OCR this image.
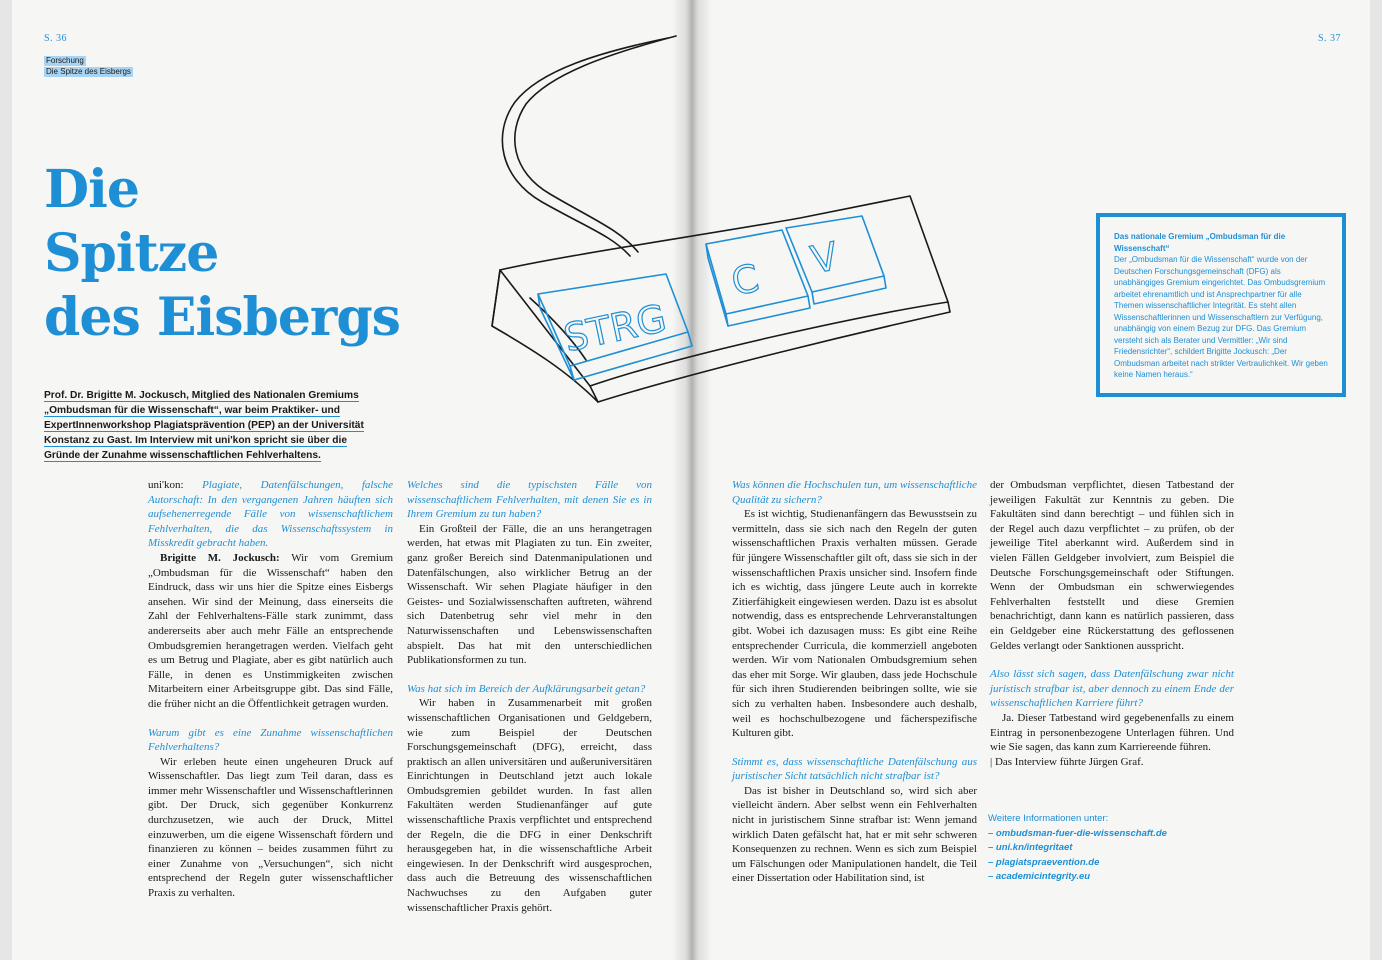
S. 36	S. 37
Forschung
Die Spitze des Eisbergs
Die
Spitze
des Eisbergs
Prof. Dr. Brigitte M. Jockusch, Mitglied des Nationalen Gremiums „Ombudsman für die Wissenschaft“, war beim Praktiker- und ExpertInnenworkshop Plagiatsprävention (PEP) an der Universität Konstanz zu Gast. Im Interview mit uni'kon spricht sie über die Gründe der Zunahme wissenschaftlichen Fehlverhaltens.
STRG
C V	Das nationale Gremium „Ombudsman für die Wissenschaft“
Der „Ombudsman für die Wissenschaft“ wurde von der Deutschen Forschungsgemeinschaft (DFG) als unabhängiges Gremium eingerichtet. Das Ombudsgremium arbeitet ehrenamtlich und ist Ansprechpartner für alle Themen wissenschaftlicher Integrität. Es steht allen Wissenschaftlerinnen und Wissenschaftlern zur Verfügung, unabhängig von einem Bezug zur DFG. Das Gremium versteht sich als Berater und Vermittler: „Wir sind Friedensrichter“, schildert Brigitte Jockusch: „Der Ombudsman arbeitet nach strikter Vertraulichkeit. Wir geben keine Namen heraus.“

uni'kon: Plagiate, Datenfälschungen, falsche Autorschaft: In den vergangenen Jahren häuften sich aufsehenerregende Fälle von wissenschaftlichem Fehlverhalten, die das Wissenschaftssystem in Misskredit gebracht haben.

Brigitte M. Jockusch: Wir vom Gremium „Ombudsman für die Wissenschaft“ haben den Eindruck, dass wir uns hier die Spitze eines Eisbergs ansehen. Wir sind der Meinung, dass einerseits die Zahl der Fehlverhaltens-Fälle stark zunimmt, dass andererseits aber auch mehr Fälle an entsprechende Ombudsgremien herangetragen werden. Vielfach geht es um Betrug und Plagiate, aber es gibt natürlich auch Fälle, in denen es Unstimmigkeiten zwischen Mitarbeitern einer Arbeitsgruppe gibt. Das sind Fälle, die früher nicht an die Öffentlichkeit getragen wurden.

Warum gibt es eine Zunahme wissenschaftlichen Fehlverhaltens?

Wir erleben heute einen ungeheuren Druck auf Wissenschaftler. Das liegt zum Teil daran, dass es immer mehr Wissenschaftler und Wissenschaftlerinnen gibt. Der Druck, sich gegenüber Konkurrenz durchzusetzen, wie auch der Druck, Mittel einzuwerben, um die eigene Wissenschaft fördern und finanzieren zu können – beides zusammen führt zu einer Zunahme von „Versuchungen“, sich nicht entsprechend der Regeln guter wissenschaftlicher Praxis zu verhalten.

Welches sind die typischsten Fälle von wissenschaftlichem Fehlverhalten, mit denen Sie es in Ihrem Gremium zu tun haben?

Ein Großteil der Fälle, die an uns herangetragen werden, hat etwas mit Plagiaten zu tun. Ein zweiter, ganz großer Bereich sind Datenmanipulationen und Datenfälschungen, also wirklicher Betrug an der Wissenschaft. Wir sehen Plagiate häufiger in den Geistes- und Sozialwissenschaften auftreten, während sich Datenbetrug sehr viel mehr in den Naturwissenschaften und Lebenswissenschaften abspielt. Das hat mit den unterschiedlichen Publikationsformen zu tun.

Was hat sich im Bereich der Aufklärungsarbeit getan?

Wir haben in Zusammenarbeit mit großen wissenschaftlichen Organisationen und Geldgebern, wie zum Beispiel der Deutschen Forschungsgemeinschaft (DFG), erreicht, dass praktisch an allen universitären und außeruniversitären Einrichtungen in Deutschland jetzt auch lokale Ombudsgremien gebildet wurden. In fast allen Fakultäten werden Studienanfänger auf gute wissenschaftliche Praxis verpflichtet und entsprechend der Regeln, die die DFG in einer Denkschrift herausgegeben hat, in die wissenschaftliche Arbeit eingewiesen. In der Denkschrift wird ausgesprochen, dass auch die Betreuung des wissenschaftlichen Nachwuchses zu den Aufgaben guter wissenschaftlicher Praxis gehört.

Was können die Hochschulen tun, um wissenschaftliche Qualität zu sichern?

Es ist wichtig, Studienanfängern das Bewusstsein zu vermitteln, dass sie sich nach den Regeln der guten wissenschaftlichen Praxis verhalten müssen. Gerade für jüngere Wissenschaftler gilt oft, dass sie sich in der wissenschaftlichen Praxis unsicher sind. Insofern finde ich es wichtig, dass jüngere Leute auch in korrekte Zitierfähigkeit eingewiesen werden. Dazu ist es absolut notwendig, dass es entsprechende Lehrveranstaltungen gibt. Wobei ich dazusagen muss: Es gibt eine Reihe entsprechender Curricula, die kommerziell angeboten werden. Wir vom Nationalen Ombudsgremium sehen das eher mit Sorge. Wir glauben, dass jede Hochschule für sich ihren Studierenden beibringen sollte, wie sie sich zu verhalten haben. Insbesondere auch deshalb, weil es hochschulbezogene und fächerspezifische Kulturen gibt.

Stimmt es, dass wissenschaftliche Datenfälschung aus juristischer Sicht tatsächlich nicht strafbar ist?

Das ist bisher in Deutschland so, wird sich aber vielleicht ändern. Aber selbst wenn ein Fehlverhalten nicht in juristischem Sinne strafbar ist: Wenn jemand wirklich Daten gefälscht hat, hat er mit sehr schweren Konsequenzen zu rechnen. Wenn es sich zum Beispiel um Fälschungen oder Manipulationen handelt, die Teil einer Dissertation oder Habilitation sind, ist

der Ombudsman verpflichtet, diesen Tatbestand der jeweiligen Fakultät zur Kenntnis zu geben. Die Fakultäten sind dann berechtigt – und fühlen sich in der Regel auch dazu verpflichtet – zu prüfen, ob der jeweilige Titel aberkannt wird. Außerdem sind in vielen Fällen Geldgeber involviert, zum Beispiel die Deutsche Forschungsgemeinschaft oder Stiftungen. Wenn der Ombudsman ein schwerwiegendes Fehlverhalten feststellt und diese Gremien benachrichtigt, dann kann es natürlich passieren, dass ein Geldgeber eine Rückerstattung des geflossenen Geldes verlangt oder Sanktionen ausspricht.

Also lässt sich sagen, dass Datenfälschung zwar nicht juristisch strafbar ist, aber dennoch zu einem Ende der wissenschaftlichen Karriere führt?

Ja. Dieser Tatbestand wird gegebenenfalls zu einem Eintrag in personenbezogene Unterlagen führen. Und wie Sie sagen, das kann zum Karriereende führen.

| Das Interview führte Jürgen Graf.

Weitere Informationen unter:
– ombudsman-fuer-die-wissenschaft.de
– uni.kn/integritaet
– plagiatspraevention.de
– academicintegrity.eu
